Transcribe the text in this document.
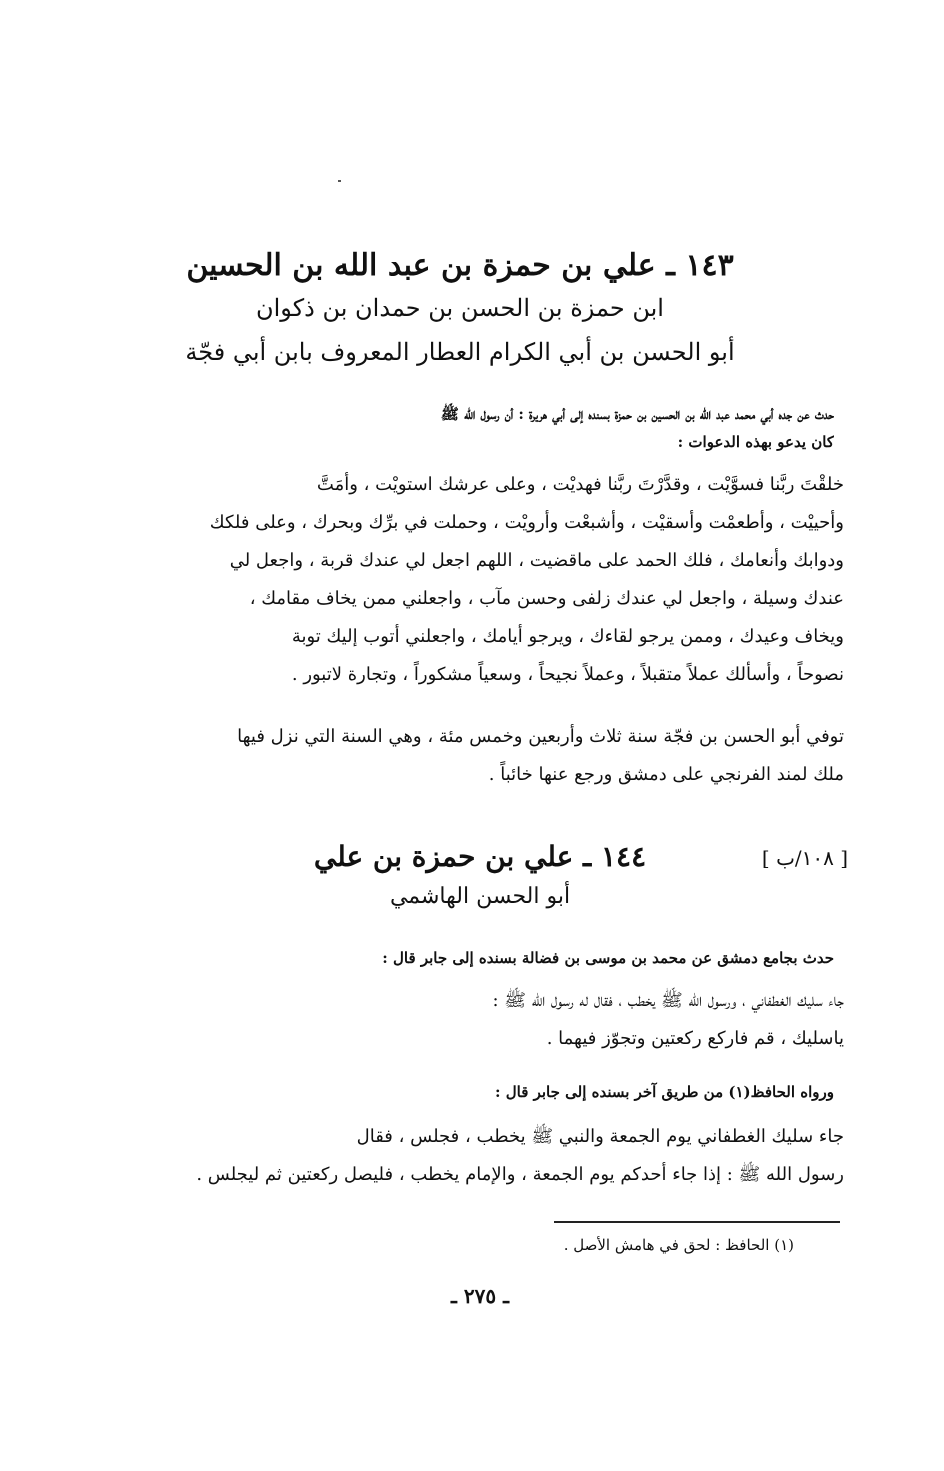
١٤٣ ـ علي بن حمزة بن عبد الله بن الحسين
ابن حمزة بن الحسن بن حمدان بن ذكوان
أبو الحسن بن أبي الكرام العطار المعروف بابن أبي فجّة
حدث عن جده أبي محمد عبد الله بن الحسين بن حمزة بسنده إلى أبي هريرة : أن رسول الله ﷺ
كان يدعو بهذه الدعوات :
خلقْتَ ربَّنا فسوَّيْت ، وقدَّرْتَ ربَّنا فهديْت ، وعلى عرشك استويْت ، وأمَتَّ
وأحييْت ، وأطعمْت وأسقيْت ، وأشبعْت وأرويْت ، وحملت في برِّك وبحرك ، وعلى فلكك
ودوابك وأنعامك ، فلك الحمد على ماقضيت ، اللهم اجعل لي عندك قربة ، واجعل لي
عندك وسيلة ، واجعل لي عندك زلفى وحسن مآب ، واجعلني ممن يخاف مقامك ،
ويخاف وعيدك ، وممن يرجو لقاءك ، ويرجو أيامك ، واجعلني أتوب إليك توبة
نصوحاً ، وأسألك عملاً متقبلاً ، وعملاً نجيحاً ، وسعياً مشكوراً ، وتجارة لاتبور .
توفي أبو الحسن بن فجّة سنة ثلاث وأربعين وخمس مئة ، وهي السنة التي نزل فيها
ملك لمند الفرنجي على دمشق ورجع عنها خائباً .
[ ١٠٨/ب ]
١٤٤ ـ علي بن حمزة بن علي
أبو الحسن الهاشمي
حدث بجامع دمشق عن محمد بن موسى بن فضالة بسنده إلى جابر قال :
جاء سليك الغطفاني ، ورسول الله ﷺ يخطب ، فقال له رسول الله ﷺ :
ياسليك ، قم فاركع ركعتين وتجوّز فيهما .
ورواه الحافظ(١) من طريق آخر بسنده إلى جابر قال :
جاء سليك الغطفاني يوم الجمعة والنبي ﷺ يخطب ، فجلس ، فقال
رسول الله ﷺ : إذا جاء أحدكم يوم الجمعة ، والإمام يخطب ، فليصل ركعتين ثم ليجلس .
(١) الحافظ : لحق في هامش الأصل .
ـ ٢٧٥ ـ
